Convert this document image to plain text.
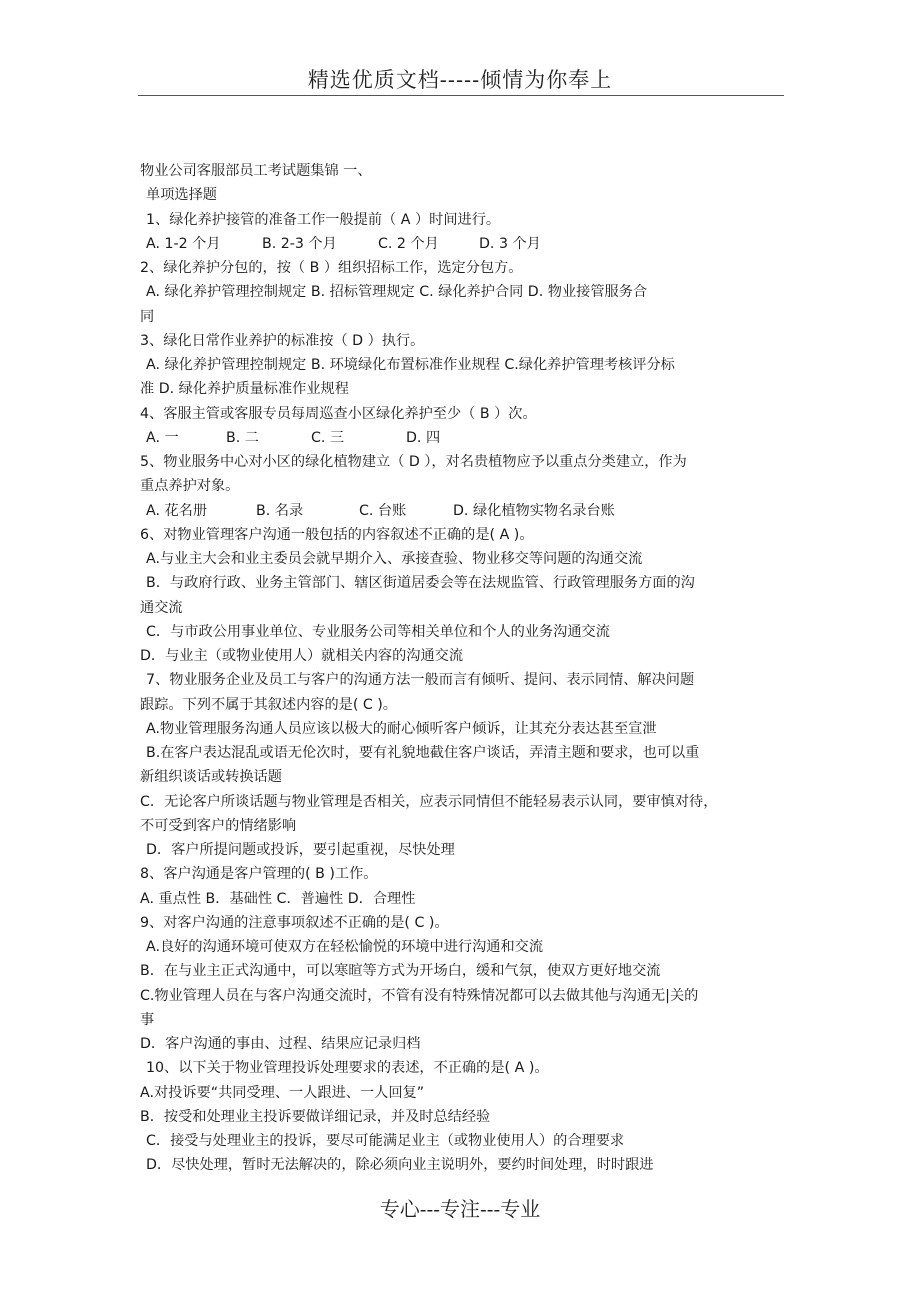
精选优质文档-----倾情为你奉上
物业公司客服部员工考试题集锦 一、
单项选择题
1、绿化养护接管的准备工作一般提前（ A ）时间进行。
A. 1-2 个月	B. 2-3 个月	C. 2 个月	D. 3 个月
2、绿化养护分包的，按（ B ）组织招标工作，选定分包方。
A. 绿化养护管理控制规定 B. 招标管理规定 C. 绿化养护合同 D. 物业接管服务合
同
3、绿化日常作业养护的标准按（ D ）执行。
A. 绿化养护管理控制规定 B. 环境绿化布置标准作业规程 C.绿化养护管理考核评分标
准 D. 绿化养护质量标准作业规程
4、客服主管或客服专员每周巡查小区绿化养护至少（ B ）次。
A. 一	B. 二	C. 三	D. 四
5、物业服务中心对小区的绿化植物建立（ D ），对名贵植物应予以重点分类建立，作为
重点养护对象。
A. 花名册	B. 名录	C. 台账	D. 绿化植物实物名录台账
6、对物业管理客户沟通一般包括的内容叙述不正确的是( A )。
A.与业主大会和业主委员会就早期介入、承接查验、物业移交等问题的沟通交流
B．与政府行政、业务主管部门、辖区街道居委会等在法规监管、行政管理服务方面的沟
通交流
C．与市政公用事业单位、专业服务公司等相关单位和个人的业务沟通交流
D．与业主（或物业使用人）就相关内容的沟通交流
7、物业服务企业及员工与客户的沟通方法一般而言有倾听、提问、表示同情、解决问题
跟踪。下列不属于其叙述内容的是( C )。
A.物业管理服务沟通人员应该以极大的耐心倾听客户倾诉，让其充分表达甚至宣泄
B.在客户表达混乱或语无伦次时，要有礼貌地截住客户谈话，弄清主题和要求，也可以重
新组织谈话或转换话题
C．无论客户所谈话题与物业管理是否相关，应表示同情但不能轻易表示认同，要审慎对待，
不可受到客户的情绪影响
D．客户所提问题或投诉，要引起重视，尽快处理
8、客户沟通是客户管理的( B )工作。
A. 重点性 B．基础性 C．普遍性 D．合理性
9、对客户沟通的注意事项叙述不正确的是( C )。
A.良好的沟通环境可使双方在轻松愉悦的环境中进行沟通和交流
B．在与业主正式沟通中，可以寒暄等方式为开场白，缓和气氛，使双方更好地交流
C.物业管理人员在与客户沟通交流时，不管有没有特殊情况都可以去做其他与沟通无|关的
事
D．客户沟通的事由、过程、结果应记录归档
10、以下关于物业管理投诉处理要求的表述，不正确的是( A )。
A.对投诉要“共同受理、一人跟进、一人回复”
B．按受和处理业主投诉要做详细记录，并及时总结经验
C．接受与处理业主的投诉，要尽可能满足业主（或物业使用人）的合理要求
D．尽快处理，暂时无法解决的，除必须向业主说明外，要约时间处理，时时跟进
专心---专注---专业
